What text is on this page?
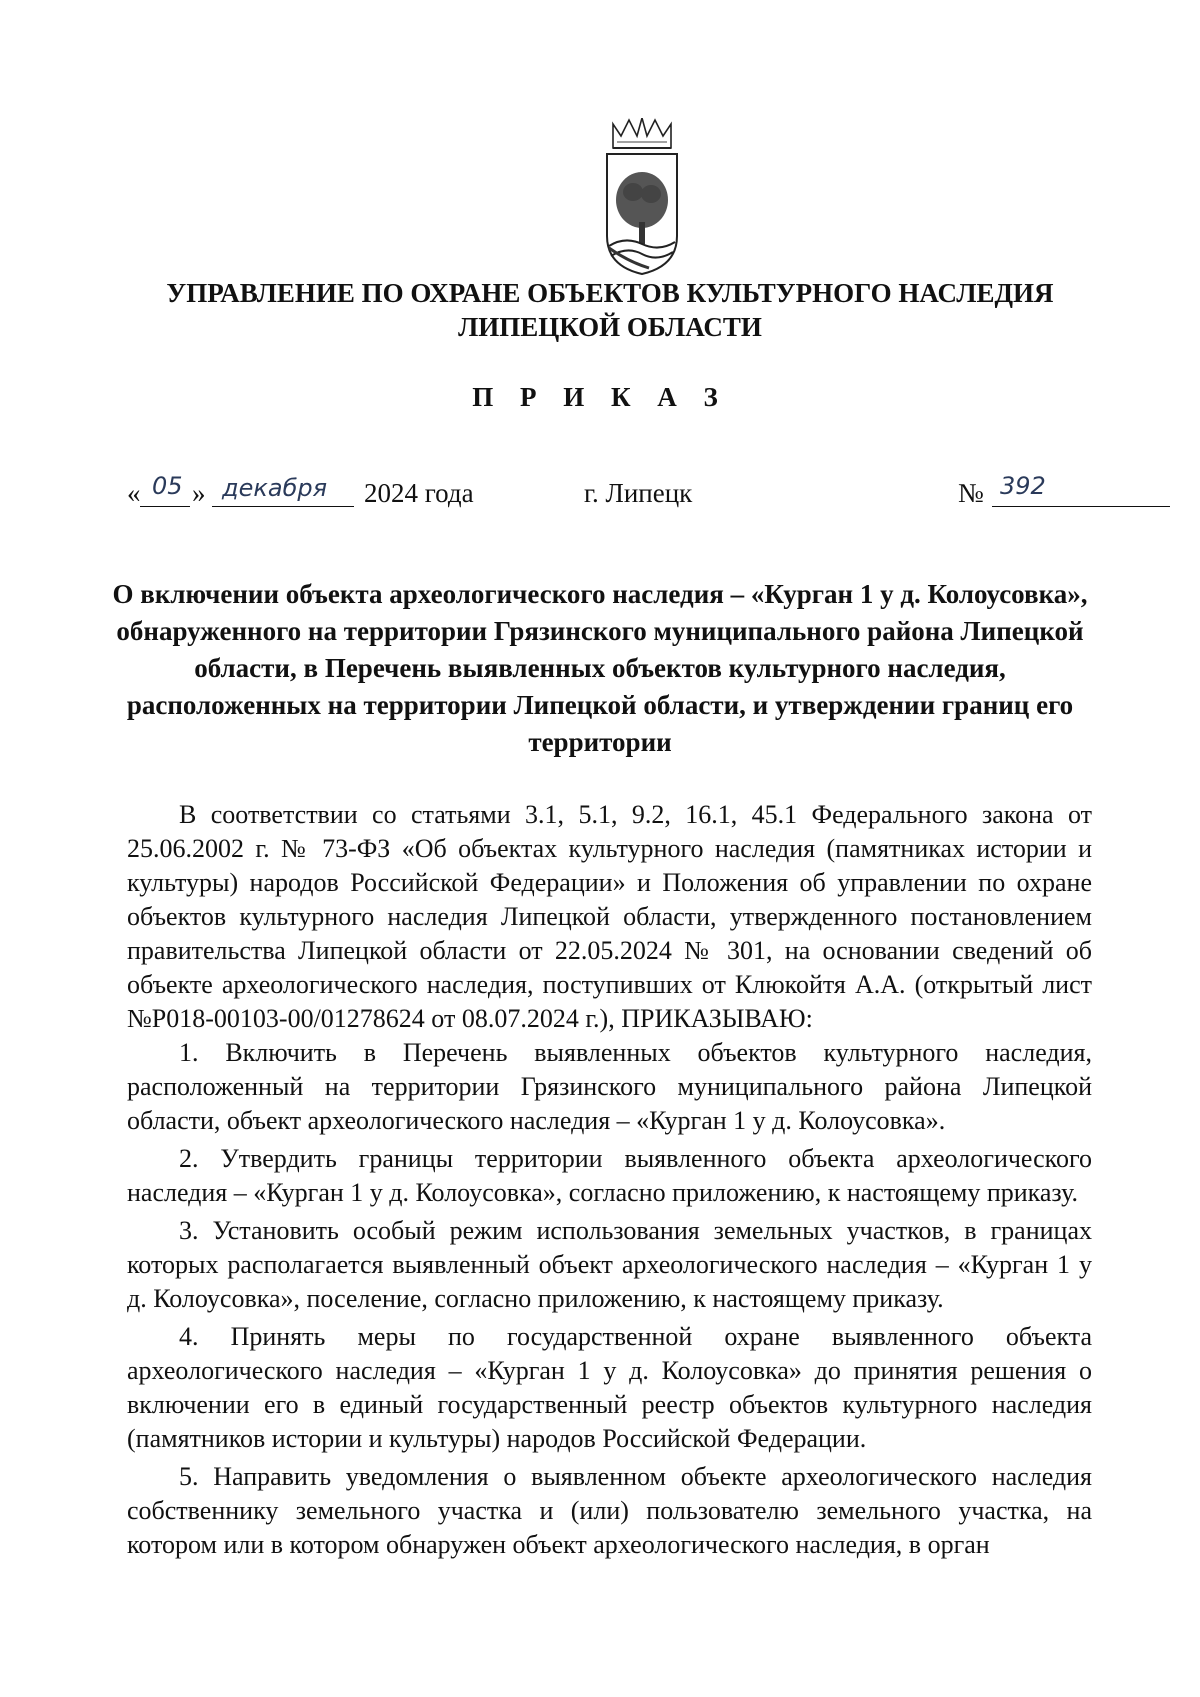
УПРАВЛЕНИЕ ПО ОХРАНЕ ОБЪЕКТОВ КУЛЬТУРНОГО НАСЛЕДИЯ
ЛИПЕЦКОЙ ОБЛАСТИ
П Р И К А З
« 05 » декабря 2024 года	г. Липецк	№ 392
О включении объекта археологического наследия – «Курган 1 у д. Колоусовка»,
обнаруженного на территории Грязинского муниципального района Липецкой
области, в Перечень выявленных объектов культурного наследия,
расположенных на территории Липецкой области, и утверждении границ его
территории

В соответствии со статьями 3.1, 5.1, 9.2, 16.1, 45.1 Федерального закона от 25.06.2002 г. № 73-ФЗ «Об объектах культурного наследия (памятниках истории и культуры) народов Российской Федерации» и Положения об управлении по охране объектов культурного наследия Липецкой области, утвержденного постановлением правительства Липецкой области от 22.05.2024 № 301, на основании сведений об объекте археологического наследия, поступивших от Клюкойтя А.А. (открытый лист №Р018-00103-00/01278624 от 08.07.2024 г.), ПРИКАЗЫВАЮ:

1. Включить в Перечень выявленных объектов культурного наследия, расположенный на территории Грязинского муниципального района Липецкой области, объект археологического наследия – «Курган 1 у д. Колоусовка».

2. Утвердить границы территории выявленного объекта археологического наследия – «Курган 1 у д. Колоусовка», согласно приложению, к настоящему приказу.

3. Установить особый режим использования земельных участков, в границах которых располагается выявленный объект археологического наследия – «Курган 1 у д. Колоусовка», поселение, согласно приложению, к настоящему приказу.

4. Принять меры по государственной охране выявленного объекта археологического наследия – «Курган 1 у д. Колоусовка» до принятия решения о включении его в единый государственный реестр объектов культурного наследия (памятников истории и культуры) народов Российской Федерации.

5. Направить уведомления о выявленном объекте археологического наследия собственнику земельного участка и (или) пользователю земельного участка, на котором или в котором обнаружен объект археологического наследия, в орган
